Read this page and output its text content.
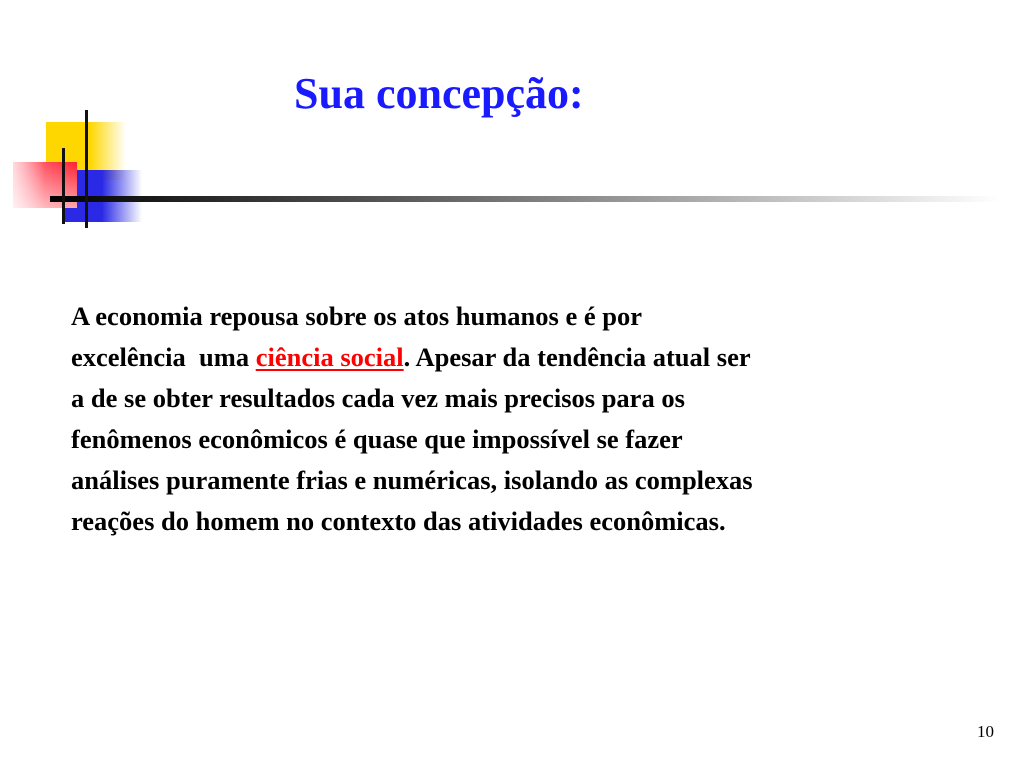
Sua concepção:

A economia repousa sobre os atos humanos e é por

excelência  uma ciência social. Apesar da tendência atual ser

a de se obter resultados cada vez mais precisos para os

fenômenos econômicos é quase que impossível se fazer

análises puramente frias e numéricas, isolando as complexas

reações do homem no contexto das atividades econômicas.

10
